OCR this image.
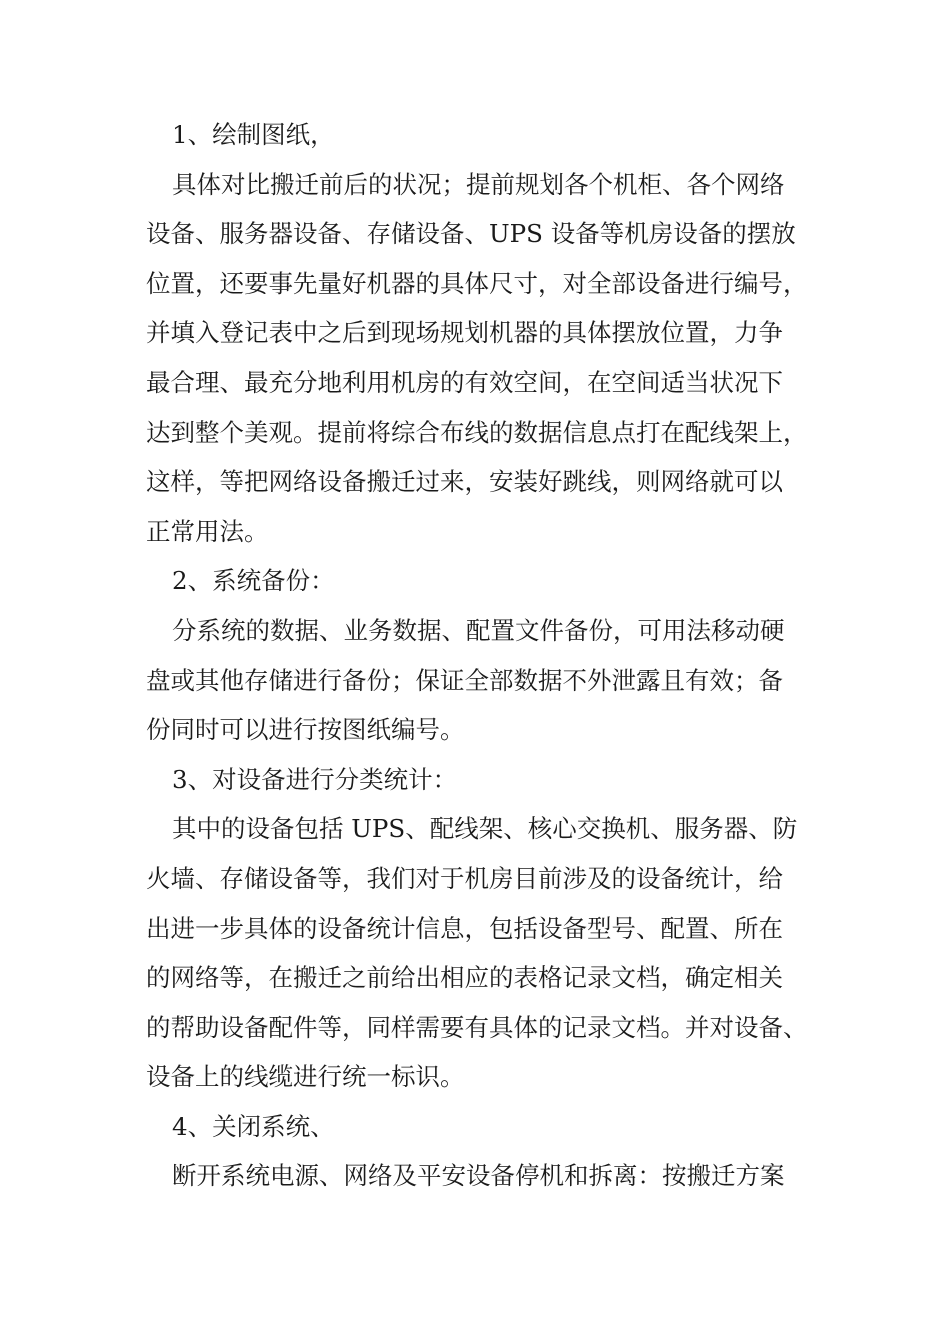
1、绘制图纸，
具体对比搬迁前后的状况；提前规划各个机柜、各个网络
设备、服务器设备、存储设备、UPS 设备等机房设备的摆放
位置，还要事先量好机器的具体尺寸，对全部设备进行编号，
并填入登记表中之后到现场规划机器的具体摆放位置，力争
最合理、最充分地利用机房的有效空间，在空间适当状况下
达到整个美观。提前将综合布线的数据信息点打在配线架上，
这样，等把网络设备搬迁过来，安装好跳线，则网络就可以
正常用法。
2、系统备份：
分系统的数据、业务数据、配置文件备份，可用法移动硬
盘或其他存储进行备份；保证全部数据不外泄露且有效；备
份同时可以进行按图纸编号。
3、对设备进行分类统计：
其中的设备包括 UPS、配线架、核心交换机、服务器、防
火墙、存储设备等，我们对于机房目前涉及的设备统计，给
出进一步具体的设备统计信息，包括设备型号、配置、所在
的网络等，在搬迁之前给出相应的表格记录文档，确定相关
的帮助设备配件等，同样需要有具体的记录文档。并对设备、
设备上的线缆进行统一标识。
4、关闭系统、
断开系统电源、网络及平安设备停机和拆离：按搬迁方案
